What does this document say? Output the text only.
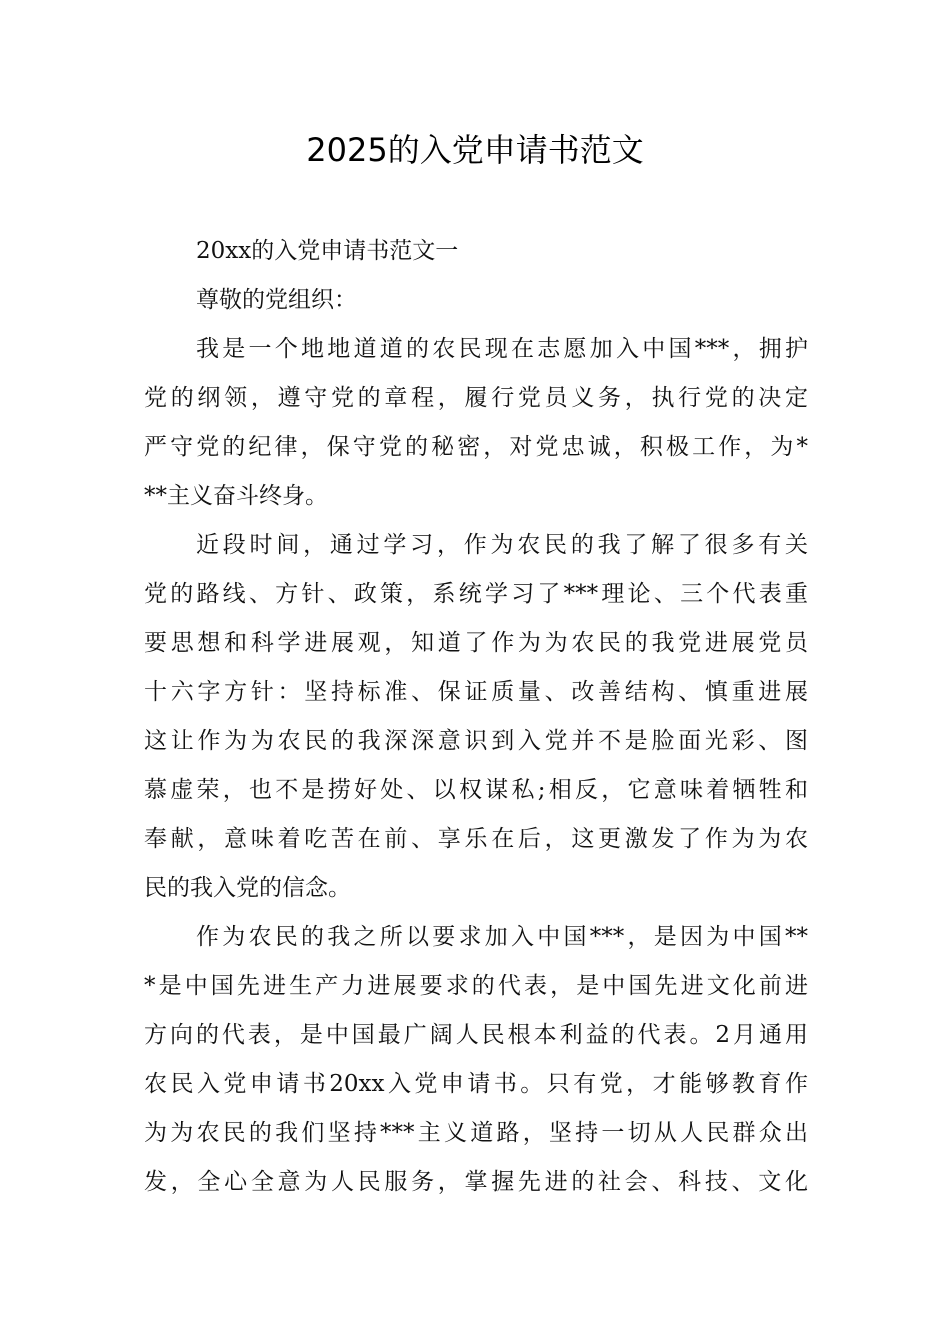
2025的入党申请书范文
20xx的入党申请书范文一
尊敬的党组织：
我是一个地地道道的农民现在志愿加入中国***，拥护
党的纲领，遵守党的章程，履行党员义务，执行党的决定
严守党的纪律，保守党的秘密，对党忠诚，积极工作，为*
**主义奋斗终身。
近段时间，通过学习，作为农民的我了解了很多有关
党的路线、方针、政策，系统学习了***理论、三个代表重
要思想和科学进展观，知道了作为为农民的我党进展党员
十六字方针：坚持标准、保证质量、改善结构、慎重进展
这让作为为农民的我深深意识到入党并不是脸面光彩、图
慕虚荣，也不是捞好处、以权谋私;相反，它意味着牺牲和
奉献，意味着吃苦在前、享乐在后，这更激发了作为为农
民的我入党的信念。
作为农民的我之所以要求加入中国***，是因为中国**
*是中国先进生产力进展要求的代表，是中国先进文化前进
方向的代表，是中国最广阔人民根本利益的代表。2月通用
农民入党申请书20xx入党申请书。只有党，才能够教育作
为为农民的我们坚持***主义道路，坚持一切从人民群众出
发，全心全意为人民服务，掌握先进的社会、科技、文化
